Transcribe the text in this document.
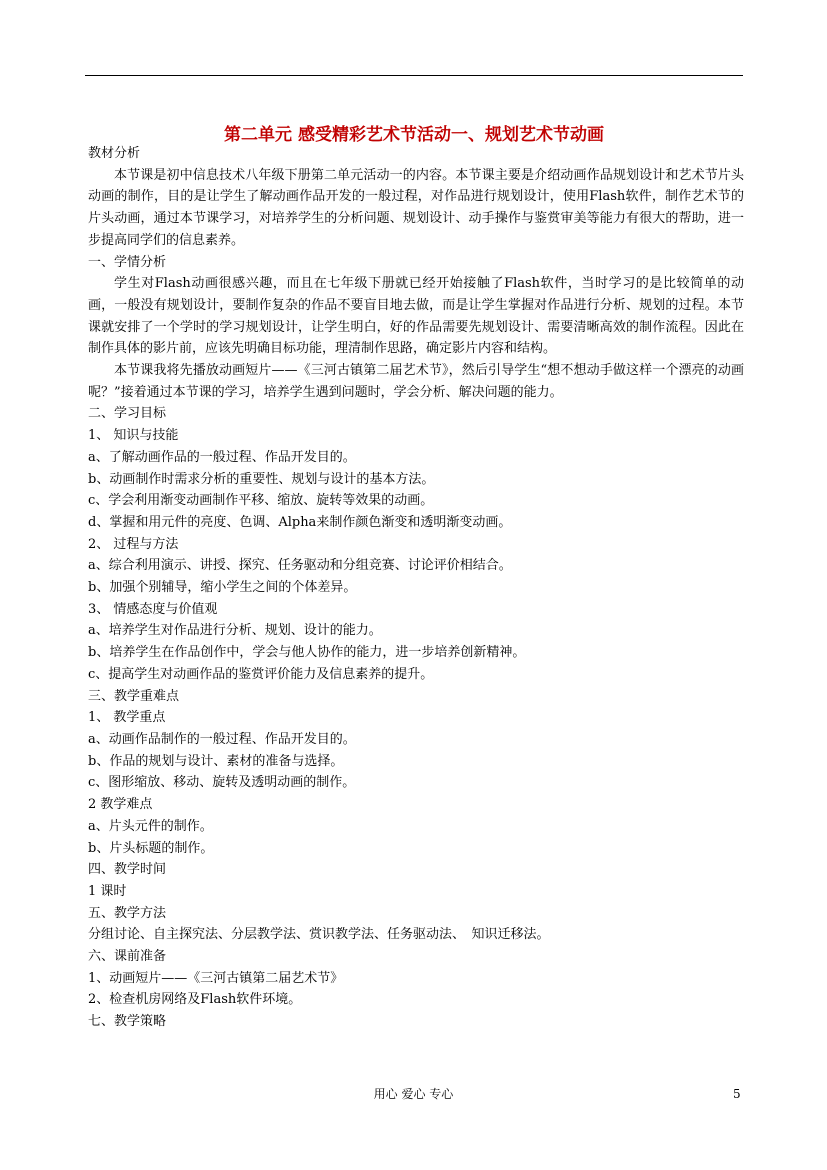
第二单元 感受精彩艺术节活动一、规划艺术节动画

教材分析

本节课是初中信息技术八年级下册第二单元活动一的内容。本节课主要是介绍动画作品规划设计和艺术节片头动画的制作，目的是让学生了解动画作品开发的一般过程，对作品进行规划设计，使用Flash软件，制作艺术节的片头动画，通过本节课学习，对培养学生的分析问题、规划设计、动手操作与鉴赏审美等能力有很大的帮助，进一步提高同学们的信息素养。

一、学情分析

学生对Flash动画很感兴趣，而且在七年级下册就已经开始接触了Flash软件，当时学习的是比较简单的动画，一般没有规划设计，要制作复杂的作品不要盲目地去做，而是让学生掌握对作品进行分析、规划的过程。本节课就安排了一个学时的学习规划设计，让学生明白，好的作品需要先规划设计、需要清晰高效的制作流程。因此在制作具体的影片前，应该先明确目标功能，理清制作思路，确定影片内容和结构。

本节课我将先播放动画短片——《三河古镇第二届艺术节》，然后引导学生“想不想动手做这样一个漂亮的动画呢？”接着通过本节课的学习，培养学生遇到问题时，学会分析、解决问题的能力。

二、学习目标

1、 知识与技能

a、了解动画作品的一般过程、作品开发目的。

b、动画制作时需求分析的重要性、规划与设计的基本方法。

c、学会利用渐变动画制作平移、缩放、旋转等效果的动画。

d、掌握和用元件的亮度、色调、Alpha来制作颜色渐变和透明渐变动画。

2、 过程与方法

a、综合利用演示、讲授、探究、任务驱动和分组竞赛、讨论评价相结合。

b、加强个别辅导，缩小学生之间的个体差异。

3、 情感态度与价值观

a、培养学生对作品进行分析、规划、设计的能力。

b、培养学生在作品创作中，学会与他人协作的能力，进一步培养创新精神。

c、提高学生对动画作品的鉴赏评价能力及信息素养的提升。

三、教学重难点

1、 教学重点

a、动画作品制作的一般过程、作品开发目的。

b、作品的规划与设计、素材的准备与选择。

c、图形缩放、移动、旋转及透明动画的制作。

2 教学难点

a、片头元件的制作。

b、片头标题的制作。

四、教学时间

1 课时

五、教学方法

分组讨论、自主探究法、分层教学法、赏识教学法、任务驱动法、　知识迁移法。

六、课前准备

1、动画短片——《三河古镇第二届艺术节》

2、检查机房网络及Flash软件环境。

七、教学策略

用心 爱心 专心	5
